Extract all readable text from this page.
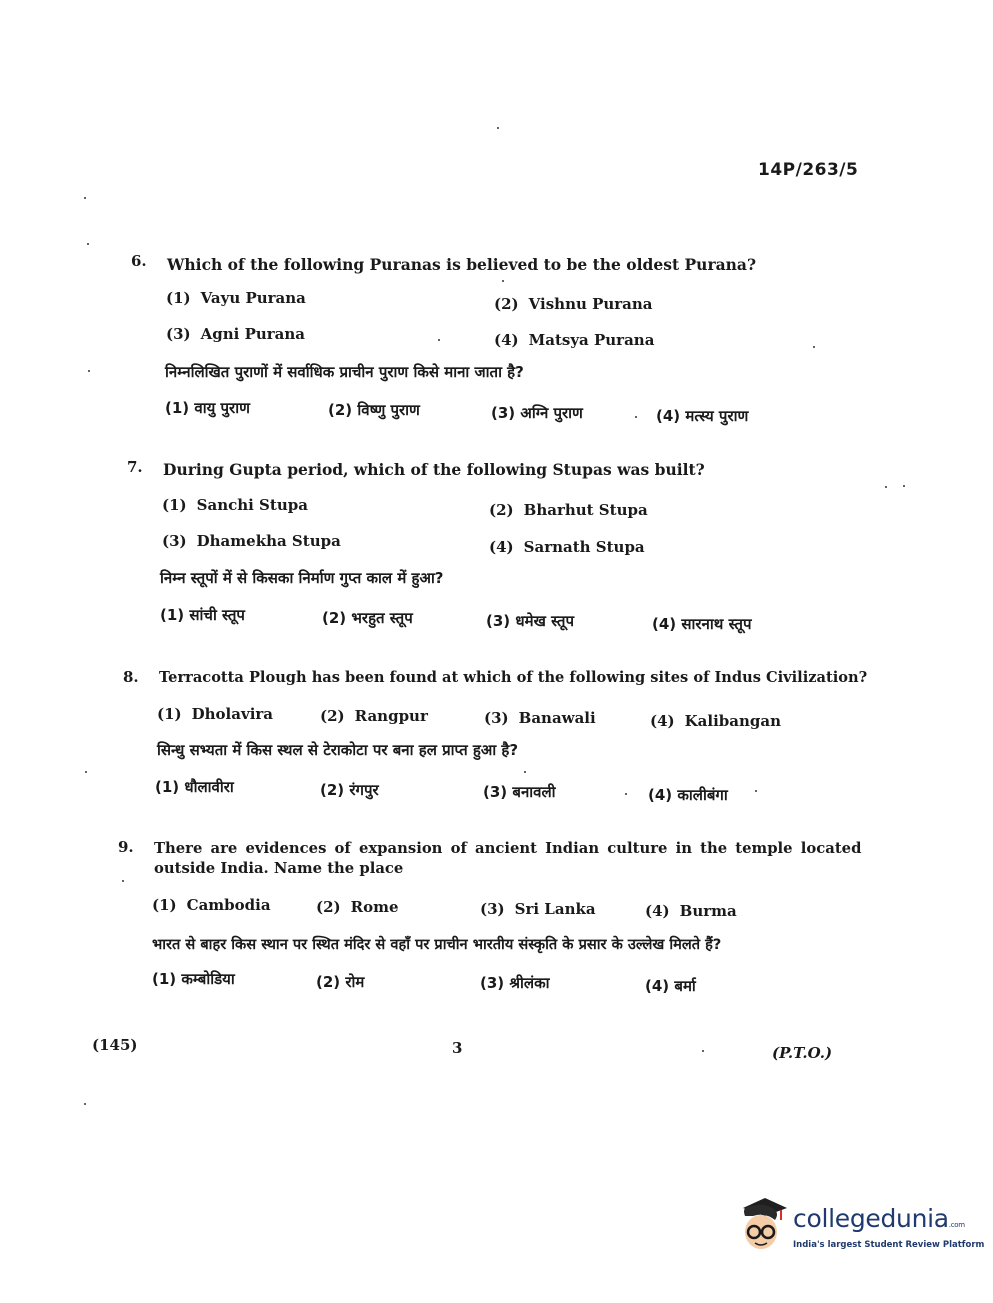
14P/263/5
6. Which of the following Puranas is believed to be the oldest Purana?
(1) Vayu Purana	(2) Vishnu Purana
(3) Agni Purana	(4) Matsya Purana
निम्नलिखित पुराणों में सर्वाधिक प्राचीन पुराण किसे माना जाता है?
(1) वायु पुराण	(2) विष्णु पुराण	(3) अग्नि पुराण	(4) मत्स्य पुराण
7. During Gupta period, which of the following Stupas was built?
(1) Sanchi Stupa	(2) Bharhut Stupa
(3) Dhamekha Stupa	(4) Sarnath Stupa
निम्न स्तूपों में से किसका निर्माण गुप्त काल में हुआ?
(1) सांची स्तूप	(2) भरहुत स्तूप	(3) धमेख स्तूप	(4) सारनाथ स्तूप
8. Terracotta Plough has been found at which of the following sites of Indus Civilization?
(1) Dholavira	(2) Rangpur	(3) Banawali	(4) Kalibangan
सिन्धु सभ्यता में किस स्थल से टेराकोटा पर बना हल प्राप्त हुआ है?
(1) धौलावीरा	(2) रंगपुर	(3) बनावली	(4) कालीबंगा
9. There are evidences of expansion of ancient Indian culture in the temple located
outside India. Name the place
(1) Cambodia	(2) Rome	(3) Sri Lanka	(4) Burma
भारत से बाहर किस स्थान पर स्थित मंदिर से वहाँ पर प्राचीन भारतीय संस्कृति के प्रसार के उल्लेख मिलते हैं?
(1) कम्बोडिया	(2) रोम	(3) श्रीलंका	(4) बर्मा
(145)	3	(P.T.O.)
collegedunia.com
India's largest Student Review Platform
